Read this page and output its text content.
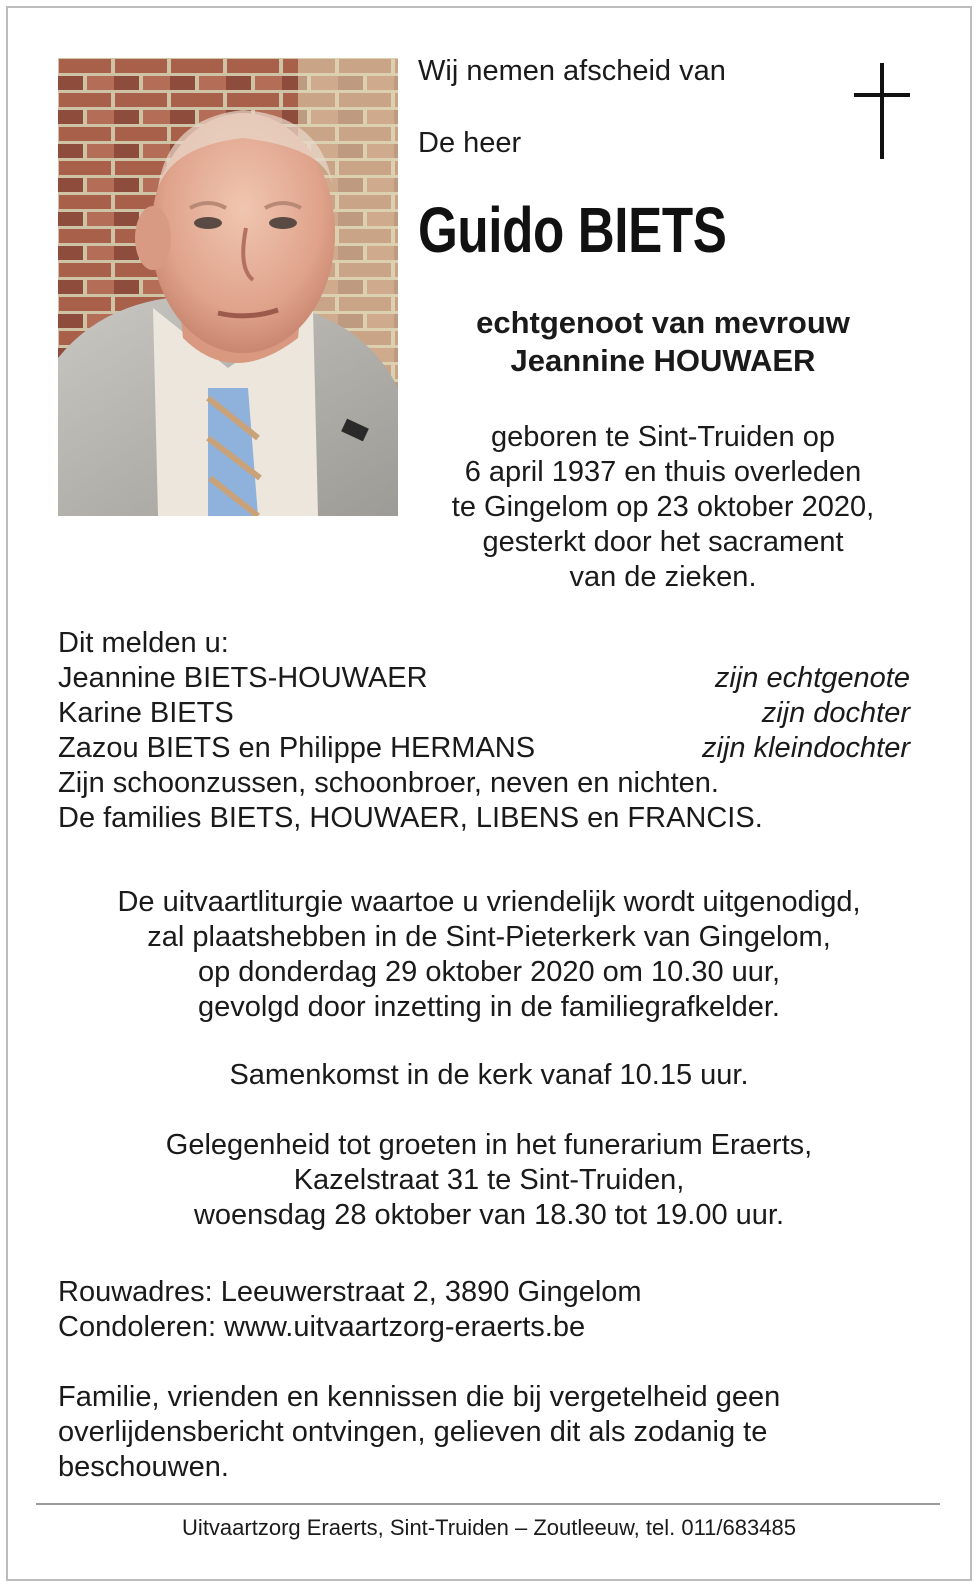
Wij nemen afscheid van

De heer

Guido BIETS

echtgenoot van mevrouw
Jeannine HOUWAER
geboren te Sint-Truiden op
6 april 1937 en thuis overleden
te Gingelom op 23 oktober 2020,
gesterkt door het sacrament
van de zieken.
Dit melden u:
Jeannine BIETS-HOUWAER	zijn echtgenote
Karine BIETS	zijn dochter
Zazou BIETS en Philippe HERMANS	zijn kleindochter
Zijn schoonzussen, schoonbroer, neven en nichten.
De families BIETS, HOUWAER, LIBENS en FRANCIS.
De uitvaartliturgie waartoe u vriendelijk wordt uitgenodigd,
zal plaatshebben in de Sint-Pieterkerk van Gingelom,
op donderdag 29 oktober 2020 om 10.30 uur,
gevolgd door inzetting in de familiegrafkelder.
Samenkomst in de kerk vanaf 10.15 uur.
Gelegenheid tot groeten in het funerarium Eraerts,
Kazelstraat 31 te Sint-Truiden,
woensdag 28 oktober van 18.30 tot 19.00 uur.
Rouwadres: Leeuwerstraat 2, 3890 Gingelom
Condoleren: www.uitvaartzorg-eraerts.be
Familie, vrienden en kennissen die bij vergetelheid geen
overlijdensbericht ontvingen, gelieven dit als zodanig te
beschouwen.

Uitvaartzorg Eraerts, Sint-Truiden – Zoutleeuw, tel. 011/683485
